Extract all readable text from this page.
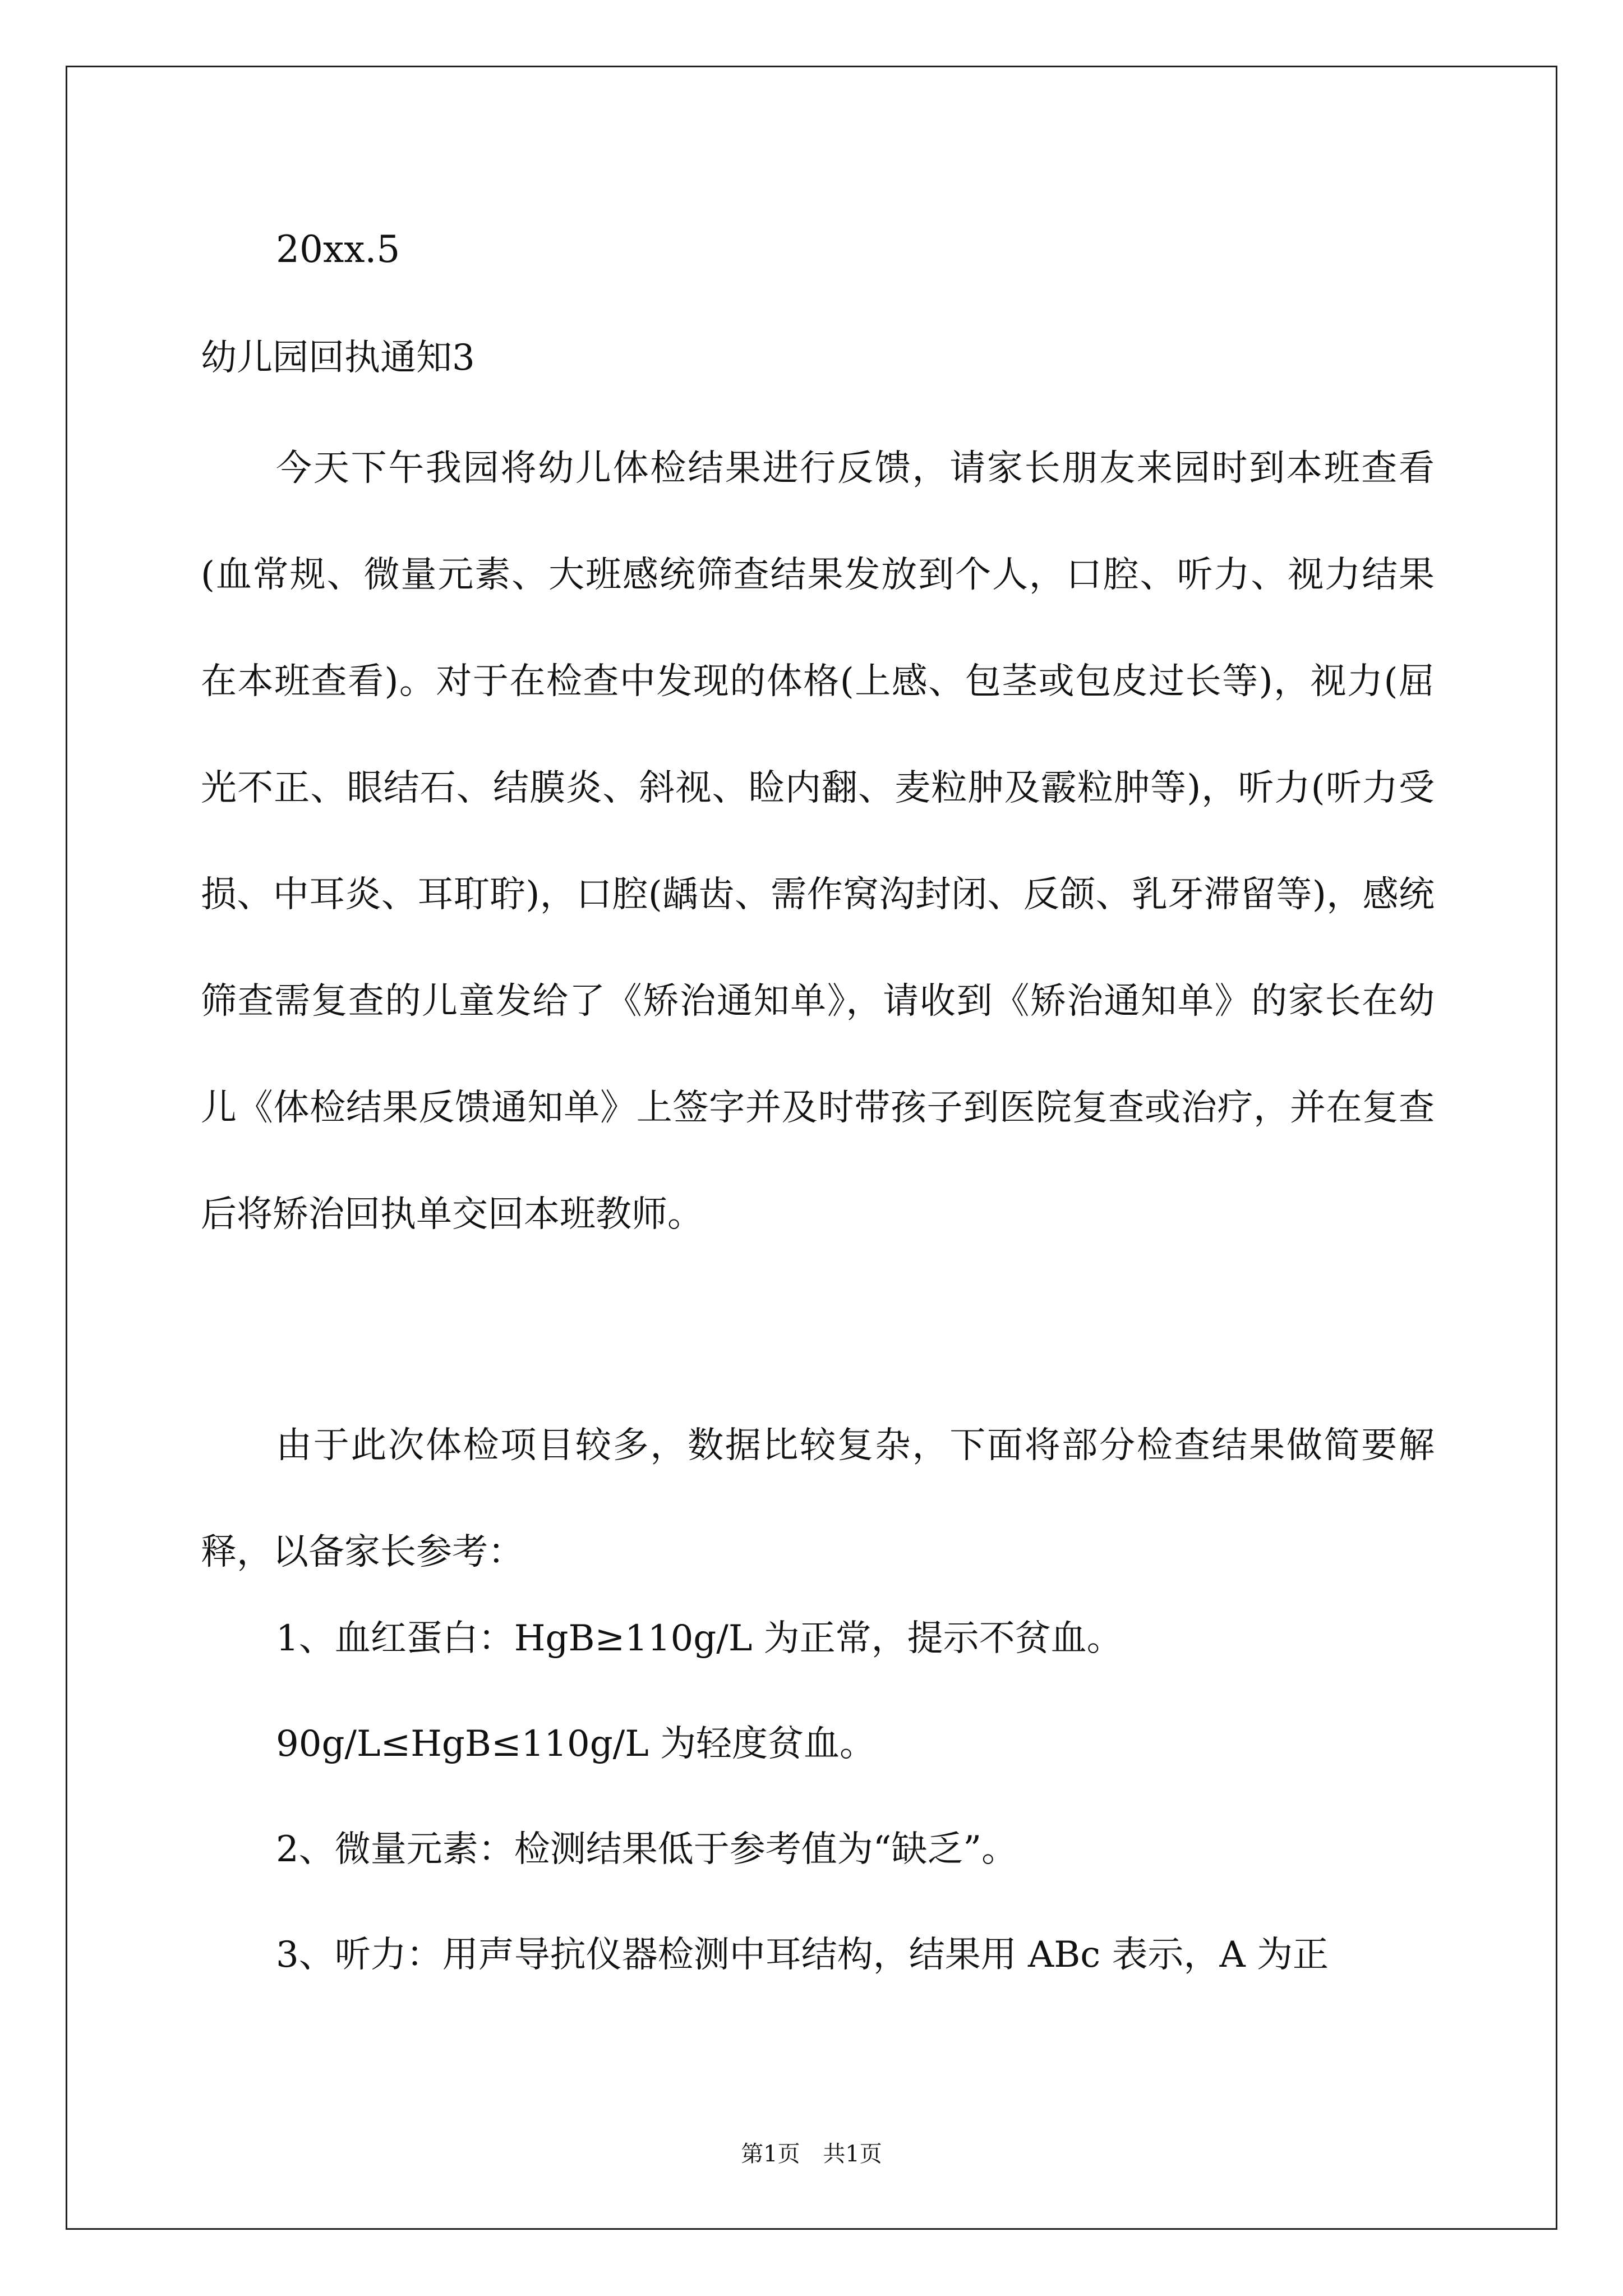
20xx.5
幼儿园回执通知3
今天下午我园将幼儿体检结果进行反馈，请家长朋友来园时到本班查看(血常规、微量元素、大班感统筛查结果发放到个人，口腔、听力、视力结果在本班查看)。对于在检查中发现的体格(上感、包茎或包皮过长等)，视力(屈光不正、眼结石、结膜炎、斜视、睑内翻、麦粒肿及霰粒肿等)，听力(听力受损、中耳炎、耳耵聍)，口腔(龋齿、需作窝沟封闭、反颌、乳牙滞留等)，感统筛查需复查的儿童发给了《矫治通知单》，请收到《矫治通知单》的家长在幼儿《体检结果反馈通知单》上签字并及时带孩子到医院复查或治疗，并在复查后将矫治回执单交回本班教师。
由于此次体检项目较多，数据比较复杂，下面将部分检查结果做简要解释，以备家长参考：
1、血红蛋白：HgB≥110g/L 为正常，提示不贫血。
90g/L≤HgB≤110g/L 为轻度贫血。
2、微量元素：检测结果低于参考值为“缺乏”。
3、听力：用声导抗仪器检测中耳结构，结果用 ABc 表示，A 为正
第1页 共1页
